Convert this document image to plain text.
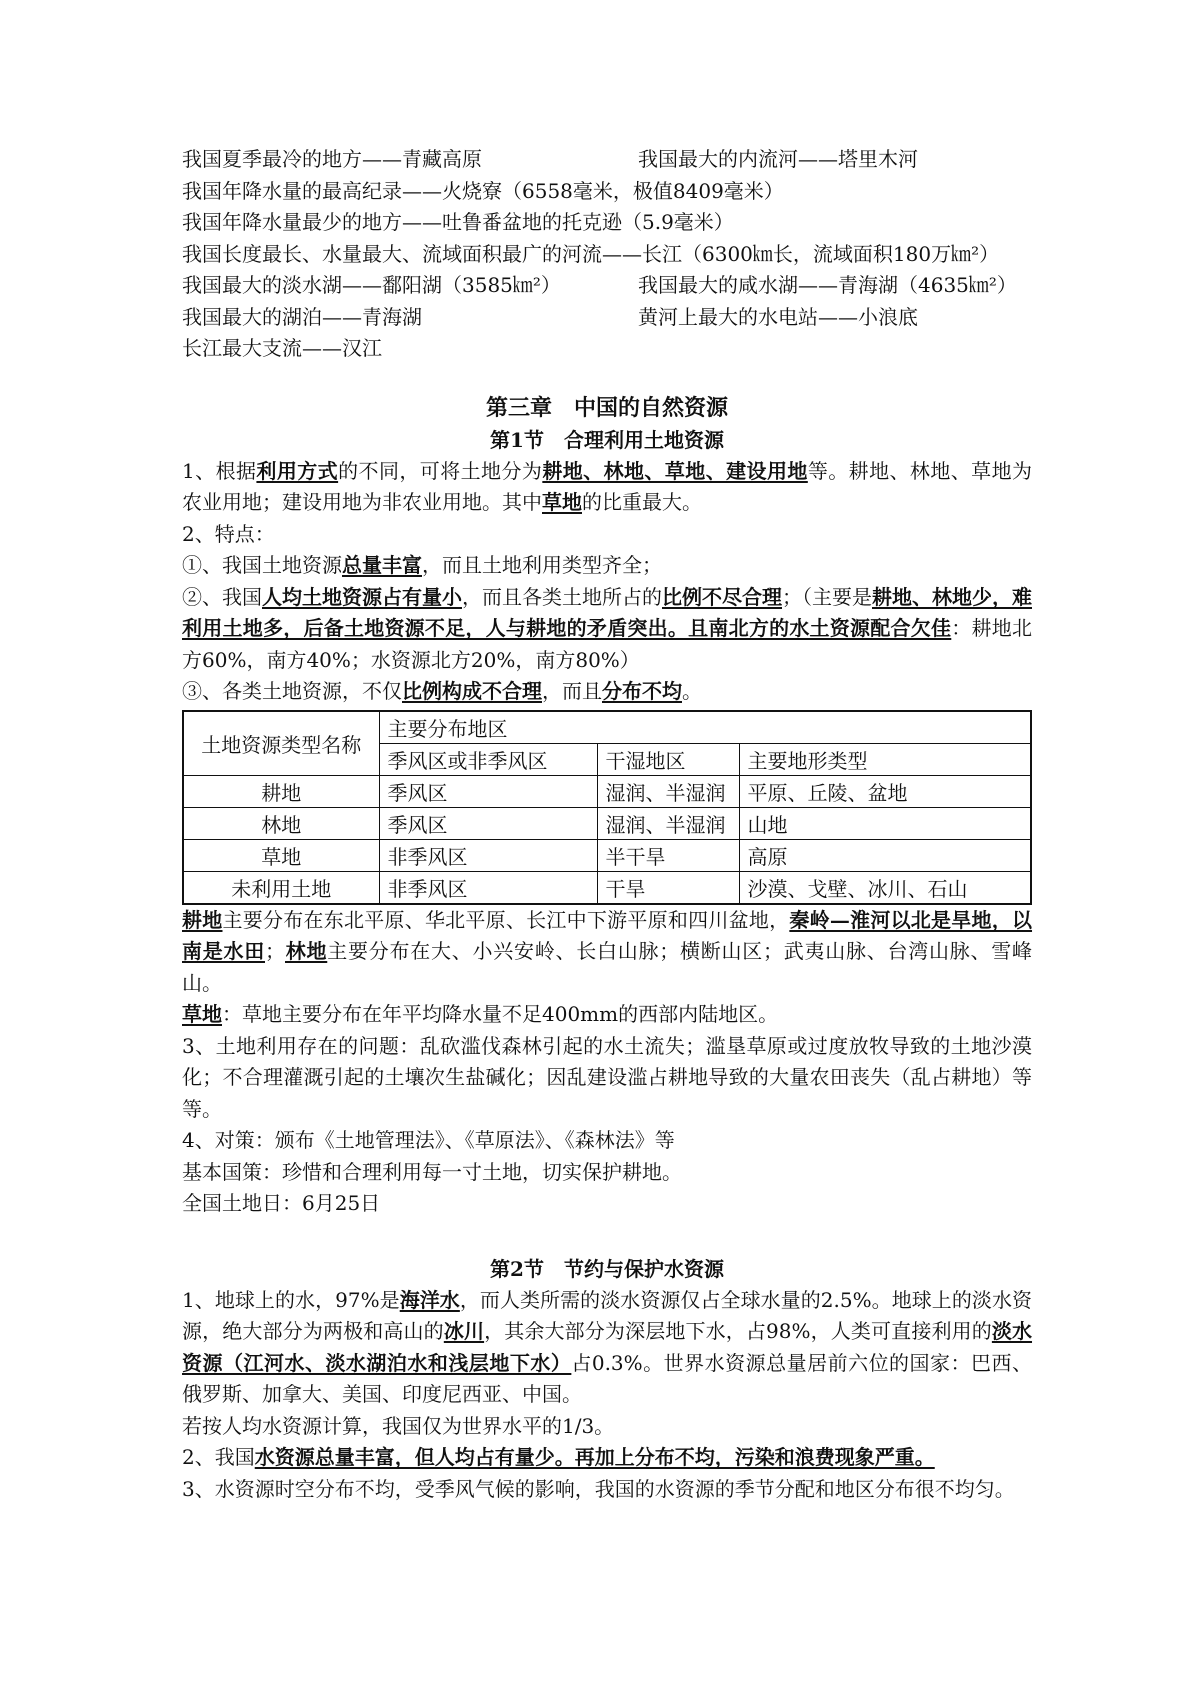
我国夏季最冷的地方——青藏高原	我国最大的内流河——塔里木河
我国年降水量的最高纪录——火烧寮（6558毫米，极值8409毫米）
我国年降水量最少的地方——吐鲁番盆地的托克逊（5.9毫米）
我国长度最长、水量最大、流域面积最广的河流——长江（6300㎞长，流域面积180万㎞²）
我国最大的淡水湖——鄱阳湖（3585㎞²）	我国最大的咸水湖——青海湖（4635㎞²）
我国最大的湖泊——青海湖	黄河上最大的水电站——小浪底
长江最大支流——汉江
第三章　中国的自然资源
第1节　合理利用土地资源
1、根据利用方式的不同，可将土地分为耕地、林地、草地、建设用地等。耕地、林地、草地为农业用地；建设用地为非农业用地。其中草地的比重最大。
2、特点：
①、我国土地资源总量丰富，而且土地利用类型齐全；
②、我国人均土地资源占有量小，而且各类土地所占的比例不尽合理；（主要是耕地、林地少，难利用土地多，后备土地资源不足，人与耕地的矛盾突出。且南北方的水土资源配合欠佳：耕地北方60%，南方40%；水资源北方20%，南方80%）
③、各类土地资源，不仅比例构成不合理，而且分布不均。
土地资源类型名称	主要分布地区		
	季风区或非季风区	干湿地区	主要地形类型
耕地	季风区	湿润、半湿润	平原、丘陵、盆地
林地	季风区	湿润、半湿润	山地
草地	非季风区	半干旱	高原
未利用土地	非季风区	干旱	沙漠、戈壁、冰川、石山
耕地主要分布在东北平原、华北平原、长江中下游平原和四川盆地，秦岭—淮河以北是旱地，以南是水田；林地主要分布在大、小兴安岭、长白山脉；横断山区；武夷山脉、台湾山脉、雪峰山。
草地：草地主要分布在年平均降水量不足400mm的西部内陆地区。
3、土地利用存在的问题：乱砍滥伐森林引起的水土流失；滥垦草原或过度放牧导致的土地沙漠化；不合理灌溉引起的土壤次生盐碱化；因乱建设滥占耕地导致的大量农田丧失（乱占耕地）等等。
4、对策：颁布《土地管理法》、《草原法》、《森林法》等
基本国策：珍惜和合理利用每一寸土地，切实保护耕地。
全国土地日：6月25日
第2节　节约与保护水资源
1、地球上的水，97%是海洋水，而人类所需的淡水资源仅占全球水量的2.5%。地球上的淡水资源，绝大部分为两极和高山的冰川，其余大部分为深层地下水，占98%，人类可直接利用的淡水资源（江河水、淡水湖泊水和浅层地下水）占0.3%。世界水资源总量居前六位的国家：巴西、俄罗斯、加拿大、美国、印度尼西亚、中国。
若按人均水资源计算，我国仅为世界水平的1/3。
2、我国水资源总量丰富，但人均占有量少。再加上分布不均，污染和浪费现象严重。
3、水资源时空分布不均，受季风气候的影响，我国的水资源的季节分配和地区分布很不均匀。
